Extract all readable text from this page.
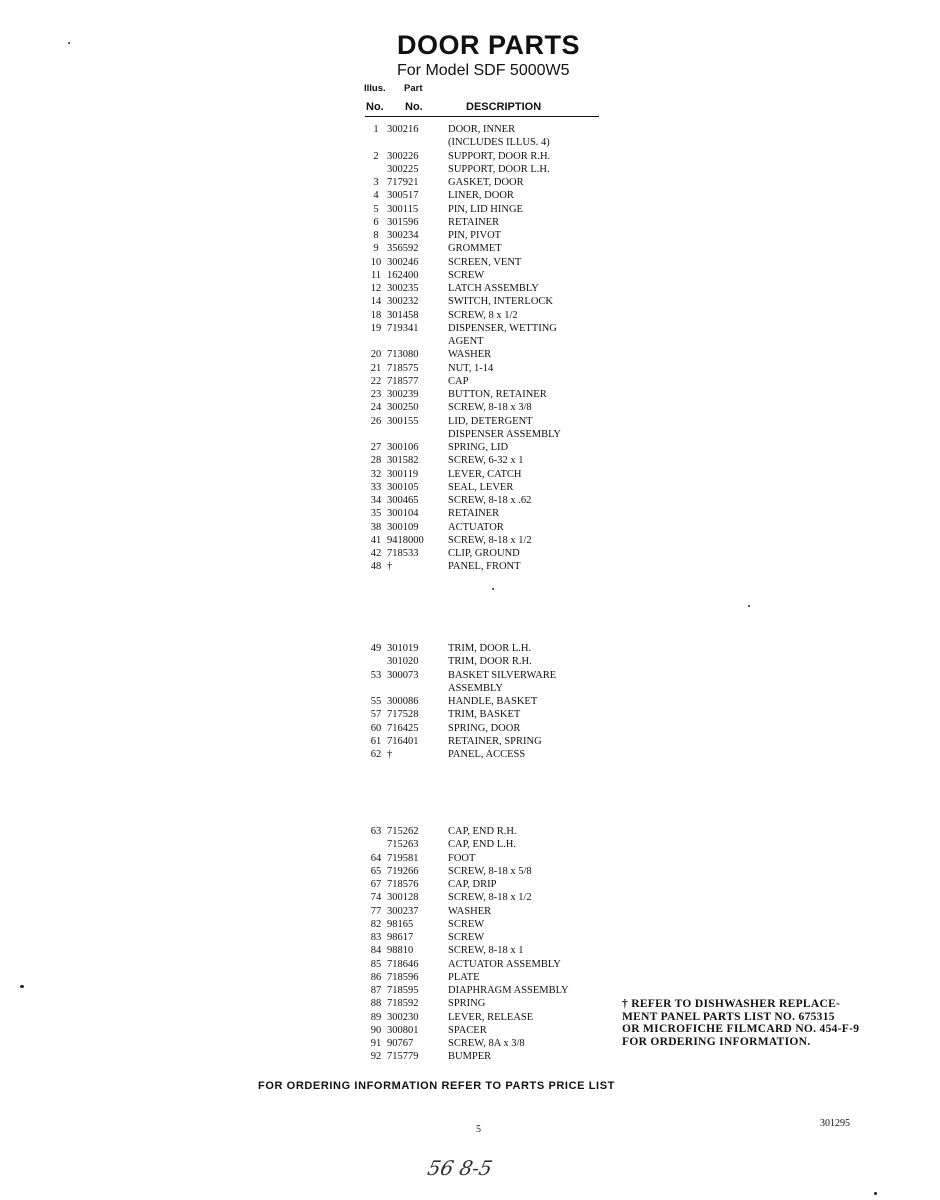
DOOR PARTS
For Model SDF 5000W5
Illus. Part
No. No.	DESCRIPTION
1 300216	DOOR, INNER
(INCLUDES ILLUS. 4)
2 300226	SUPPORT, DOOR R.H.
300225	SUPPORT, DOOR L.H.
3 717921	GASKET, DOOR
4 300517	LINER, DOOR
5 300115	PIN, LID HINGE
6 301596	RETAINER
8 300234	PIN, PIVOT
9 356592	GROMMET
10 300246	SCREEN, VENT
11 162400	SCREW
12 300235	LATCH ASSEMBLY
14 300232	SWITCH, INTERLOCK
18 301458	SCREW, 8 x 1/2
19 719341	DISPENSER, WETTING
AGENT
20 713080	WASHER
21 718575	NUT, 1-14
22 718577	CAP
23 300239	BUTTON, RETAINER
24 300250	SCREW, 8-18 x 3/8
26 300155	LID, DETERGENT
DISPENSER ASSEMBLY
27 300106	SPRING, LID
28 301582	SCREW, 6-32 x 1
32 300119	LEVER, CATCH
33 300105	SEAL, LEVER
34 300465	SCREW, 8-18 x .62
35 300104	RETAINER
38 300109	ACTUATOR
41 9418000	SCREW, 8-18 x 1/2
42 718533	CLIP, GROUND
48 †	PANEL, FRONT
49 301019	TRIM, DOOR L.H.
301020	TRIM, DOOR R.H.
53 300073	BASKET SILVERWARE
ASSEMBLY
55 300086	HANDLE, BASKET
57 717528	TRIM, BASKET
60 716425	SPRING, DOOR
61 716401	RETAINER, SPRING
62 †	PANEL, ACCESS
63 715262	CAP, END R.H.
715263	CAP, END L.H.
64 719581	FOOT
65 719266	SCREW, 8-18 x 5/8
67 718576	CAP, DRIP
74 300128	SCREW, 8-18 x 1/2
77 300237	WASHER
82 98165	SCREW
83 98617	SCREW
84 98810	SCREW, 8-18 x 1
85 718646	ACTUATOR ASSEMBLY
86 718596	PLATE
87 718595	DIAPHRAGM ASSEMBLY
88 718592	SPRING
89 300230	LEVER, RELEASE
90 300801	SPACER
91 90767	SCREW, 8A x 3/8
92 715779	BUMPER
† REFER TO DISHWASHER REPLACE-
MENT PANEL PARTS LIST NO. 675315
OR MICROFICHE FILMCARD NO. 454-F-9
FOR ORDERING INFORMATION.
FOR ORDERING INFORMATION REFER TO PARTS PRICE LIST
5
301295
56 8-5
